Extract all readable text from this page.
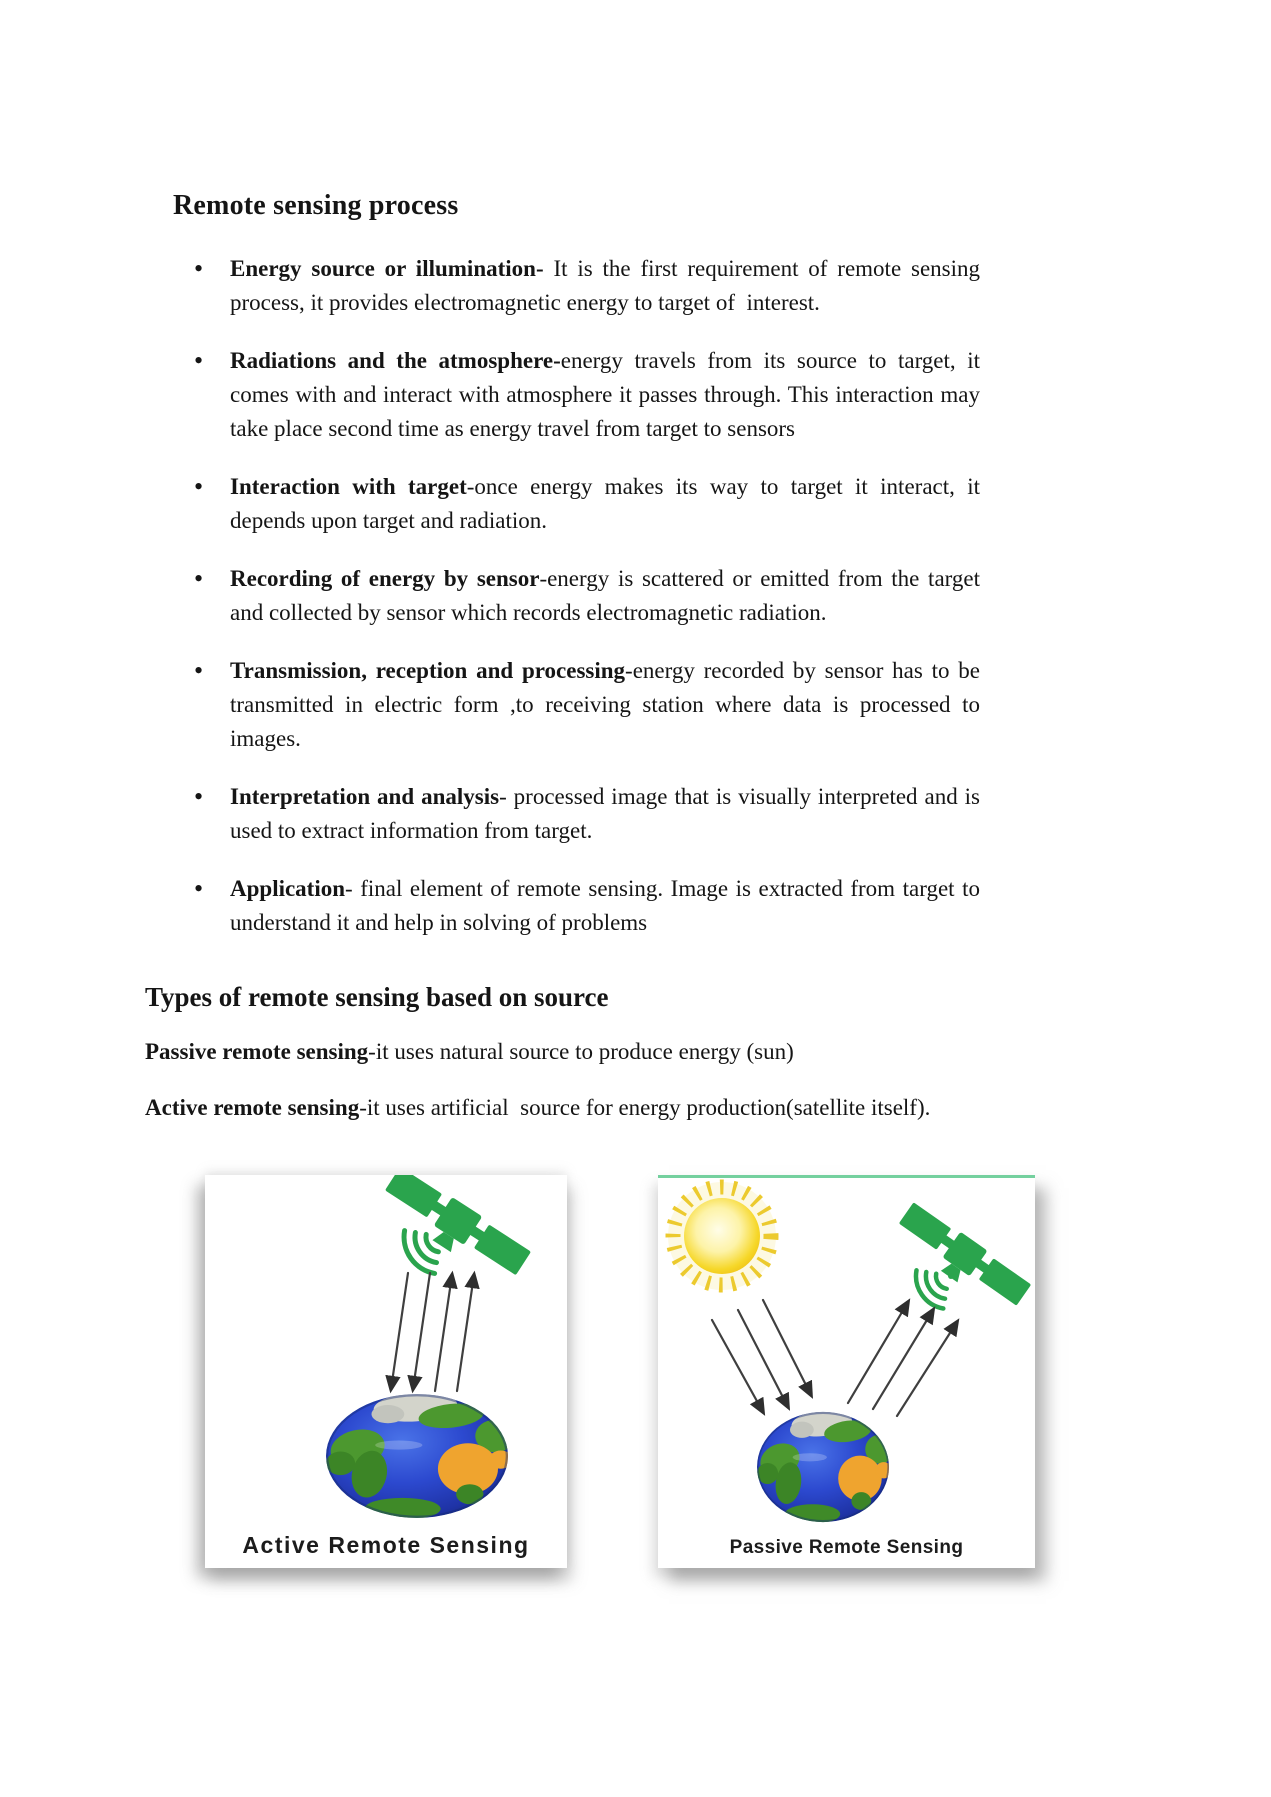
Remote sensing process
• Energy source or illumination- It is the first requirement of remote sensing process, it provides electromagnetic energy to target of  interest.
• Radiations and the atmosphere-energy travels from its source to target, it comes with and interact with atmosphere it passes through. This interaction may take place second time as energy travel from target to sensors
• Interaction with target-once energy makes its way to target it interact, it depends upon target and radiation.
• Recording of energy by sensor-energy is scattered or emitted from the target and collected by sensor which records electromagnetic radiation.
• Transmission, reception and processing-energy recorded by sensor has to be transmitted in electric form ,to receiving station where data is processed to images.
• Interpretation and analysis- processed image that is visually interpreted and is used to extract information from target.
• Application- final element of remote sensing. Image is extracted from target to understand it and help in solving of problems
Types of remote sensing based on source

Passive remote sensing-it uses natural source to produce energy (sun)

Active remote sensing-it uses artificial  source for energy production(satellite itself).

Active Remote Sensing	Passive Remote Sensing
